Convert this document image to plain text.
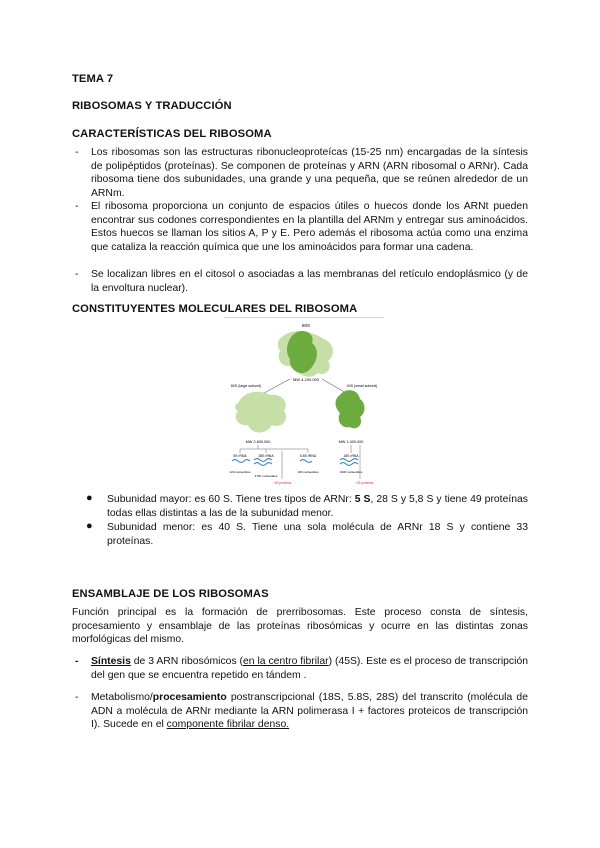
TEMA 7
RIBOSOMAS Y TRADUCCIÓN
CARACTERÍSTICAS DEL RIBOSOMA
- Los ribosomas son las estructuras ribonucleoproteícas (15-25 nm) encargadas de la síntesis de polipéptidos (proteínas). Se componen de proteínas y ARN (ARN ribosomal o ARNr). Cada ribosoma tiene dos subunidades, una grande y una pequeña, que se reúnen alrededor de un ARNm.
- El ribosoma proporciona un conjunto de espacios útiles o huecos donde los ARNt pueden encontrar sus codones correspondientes en la plantilla del ARNm y entregar sus aminoácidos. Estos huecos se llaman los sitios A, P y E. Pero además el ribosoma actúa como una enzima que cataliza la reacción química que une los aminoácidos para formar una cadena.
- Se localizan libres en el citosol o asociadas a las membranas del retículo endoplásmico (y de la envoltura nuclear).
CONSTITUYENTES MOLECULARES DEL RIBOSOMA
80S
MW 4.200.000
60S (large subunit)	40S (small subunit)
MW 2.800.000	MW 1.400.000
5S rRNA	28S rRNA	5.8S rRNA	18S rRNA
120 nucleotides
4700 nucleotides
160 nucleotides	1900 nucleotides
~49 proteins	~33 proteins
● Subunidad mayor: es 60 S. Tiene tres tipos de ARNr: 5 S, 28 S y 5,8 S y tiene 49 proteínas todas ellas distintas a las de la subunidad menor.
● Subunidad menor: es 40 S. Tiene una sola molécula de ARNr 18 S y contiene 33 proteínas.
ENSAMBLAJE DE LOS RIBOSOMAS
Función principal es la formación de prerribosomas. Este proceso consta de síntesis, procesamiento y ensamblaje de las proteínas ribosómicas y ocurre en las distintas zonas morfológicas del mismo.
- Síntesis de 3 ARN ribosómicos (en la centro fibrilar) (45S). Este es el proceso de transcripción del gen que se encuentra repetido en tándem .
- Metabolismo/procesamiento postranscripcional (18S, 5.8S, 28S) del transcrito (molécula de ADN a molécula de ARNr mediante la ARN polimerasa I + factores proteicos de transcripción I). Sucede en el componente fibrilar denso.
